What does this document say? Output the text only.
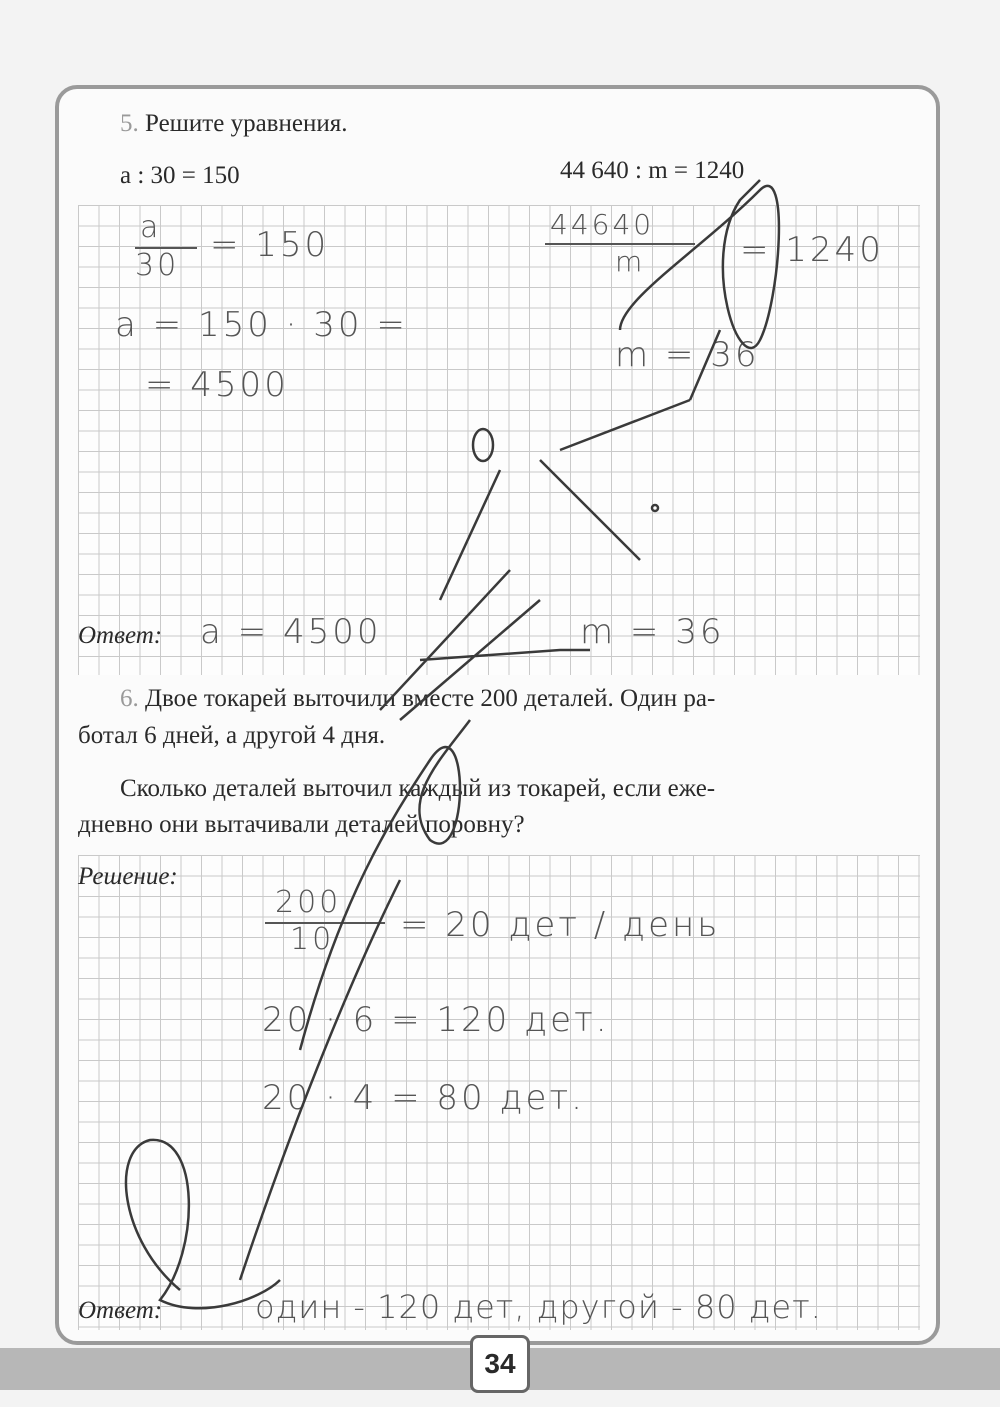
5. Решите уравнения.
a : 30 = 150	44 640 : m = 1240
a
30
= 150
a = 150 · 30 =
= 4500
44640
m	= 1240
m = 36
Ответ: a = 4500	m = 36
6. Двое токарей выточили вместе 200 деталей. Один ра-
ботал 6 дней, а другой 4 дня.
Сколько деталей выточил каждый из токарей, если еже-
дневно они вытачивали деталей поровну?
Решение:
200
10 = 20 дет / день
20 · 6 = 120 дет.
20 · 4 = 80 дет.
Ответ:	один - 120 дет, другой - 80 дет.
34
